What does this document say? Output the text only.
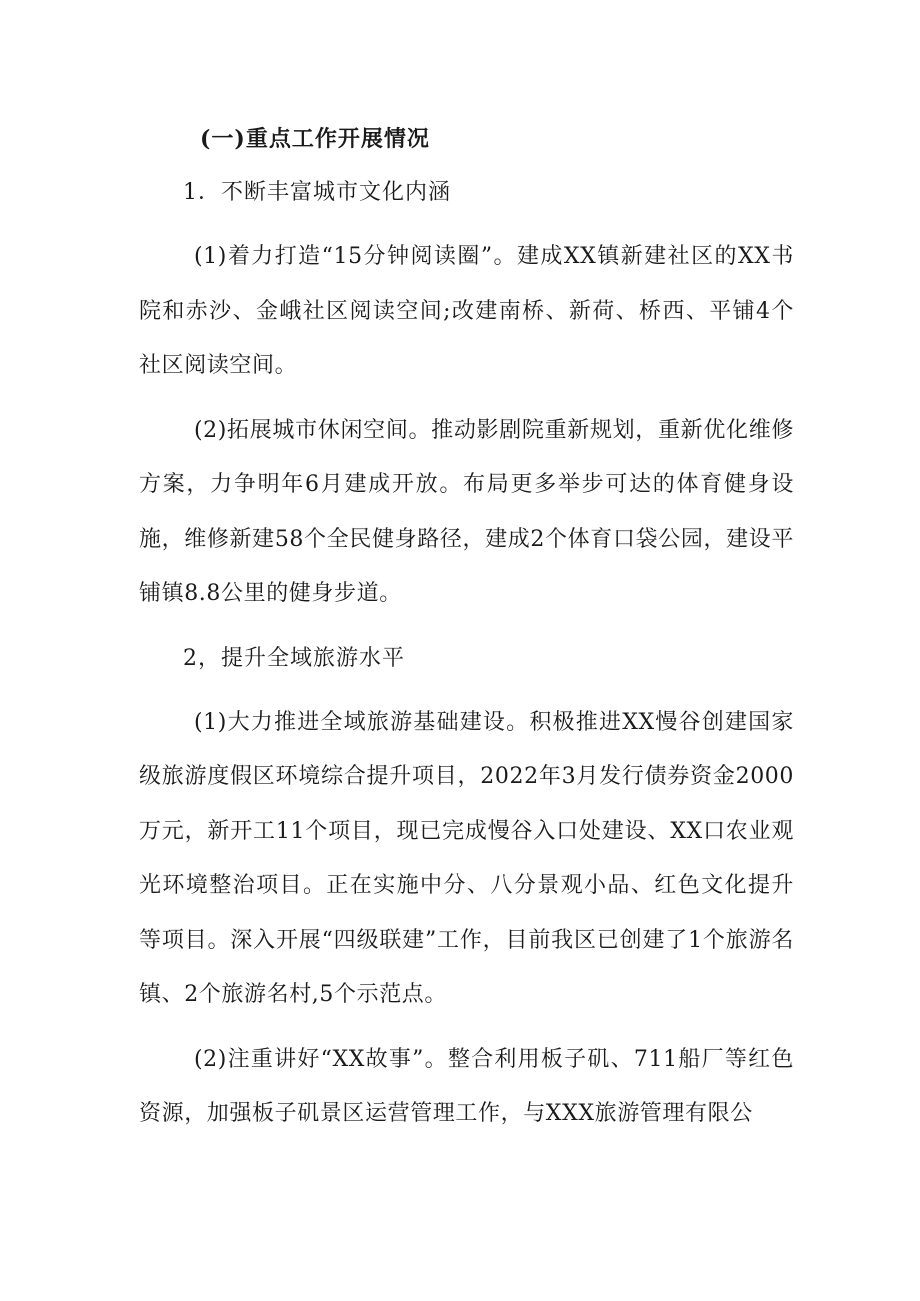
(一)重点工作开展情况

1．不断丰富城市文化内涵

(1)着力打造“15分钟阅读圈”。建成XX镇新建社区的XX书院和赤沙、金峨社区阅读空间;改建南桥、新荷、桥西、平铺4个社区阅读空间。

(2)拓展城市休闲空间。推动影剧院重新规划，重新优化维修方案，力争明年6月建成开放。布局更多举步可达的体育健身设施，维修新建58个全民健身路径，建成2个体育口袋公园，建设平铺镇8.8公里的健身步道。

2，提升全域旅游水平

(1)大力推进全域旅游基础建设。积极推进XX慢谷创建国家级旅游度假区环境综合提升项目，2022年3月发行债券资金2000万元，新开工11个项目，现已完成慢谷入口处建设、XX口农业观光环境整治项目。正在实施中分、八分景观小品、红色文化提升等项目。深入开展“四级联建”工作，目前我区已创建了1个旅游名镇、2个旅游名村,5个示范点。

(2)注重讲好“XX故事”。整合利用板子矶、711船厂等红色资源，加强板子矶景区运营管理工作，与XXX旅游管理有限公
